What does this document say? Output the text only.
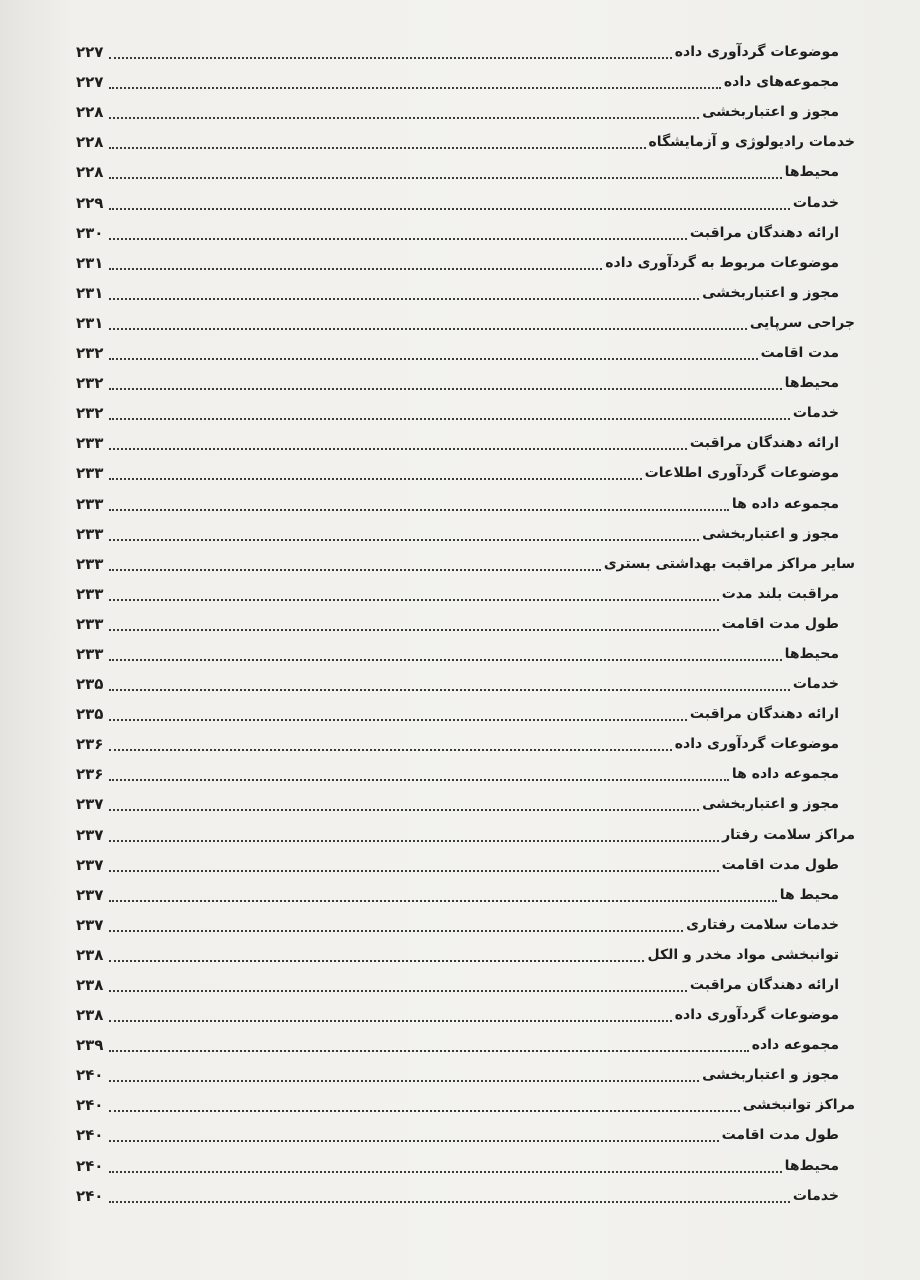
موضوعات گردآوری داده
۲۲۷
مجموعه‌های داده
۲۲۷
مجوز و اعتباربخشی
۲۲۸
خدمات رادیولوژی و آزمایشگاه
۲۲۸
محیط‌ها
۲۲۸
خدمات
۲۲۹
ارائه دهندگان مراقبت
۲۳۰
موضوعات مربوط به گردآوری داده
۲۳۱
مجوز و اعتباربخشی
۲۳۱
جراحی سرپایی
۲۳۱
مدت اقامت
۲۳۲
محیط‌ها
۲۳۲
خدمات
۲۳۲
ارائه دهندگان مراقبت
۲۳۳
موضوعات گردآوری اطلاعات
۲۳۳
مجموعه داده ها
۲۳۳
مجوز و اعتباربخشی
۲۳۳
سایر مراکز مراقبت بهداشتی بستری
۲۳۳
مراقبت بلند مدت
۲۳۳
طول مدت اقامت
۲۳۳
محیط‌ها
۲۳۳
خدمات
۲۳۵
ارائه دهندگان مراقبت
۲۳۵
موضوعات گردآوری داده
۲۳۶
مجموعه داده ها
۲۳۶
مجوز و اعتباربخشی
۲۳۷
مراکز سلامت رفتار
۲۳۷
طول مدت اقامت
۲۳۷
محیط ها
۲۳۷
خدمات سلامت رفتاری
۲۳۷
توانبخشی مواد مخدر و الکل
۲۳۸
ارائه دهندگان مراقبت
۲۳۸
موضوعات گردآوری داده
۲۳۸
مجموعه داده
۲۳۹
مجوز و اعتباربخشی
۲۴۰
مراکز توانبخشی
۲۴۰
طول مدت اقامت
۲۴۰
محیط‌ها
۲۴۰
خدمات
۲۴۰
